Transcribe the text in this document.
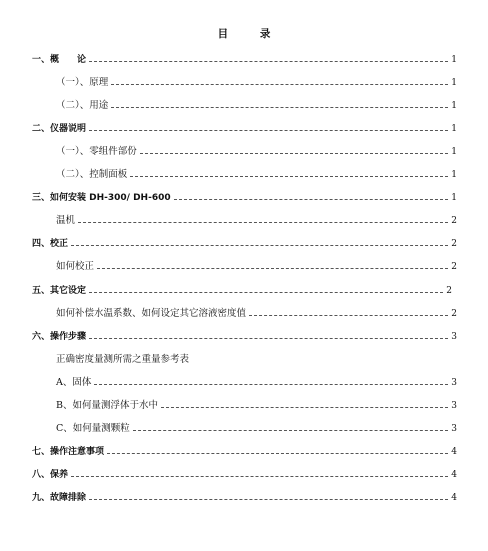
目 录
一、概　　论	1
（一）、原理	1
（二）、用途	1
二、仪器说明	1
（一）、零组件部份	1
（二）、控制面板	1
三、如何安装 DH-300/ DH-600	1
温机	2
四、校正	2
如何校正	2
五、其它设定	2
如何补偿水温系数、如何设定其它溶液密度值	2
六、操作步骤	3
正确密度量测所需之重量参考表
A、固体	3
B、如何量测浮体于水中	3
C、如何量测颗粒	3
七、操作注意事项	4
八、保养	4
九、故障排除	4
